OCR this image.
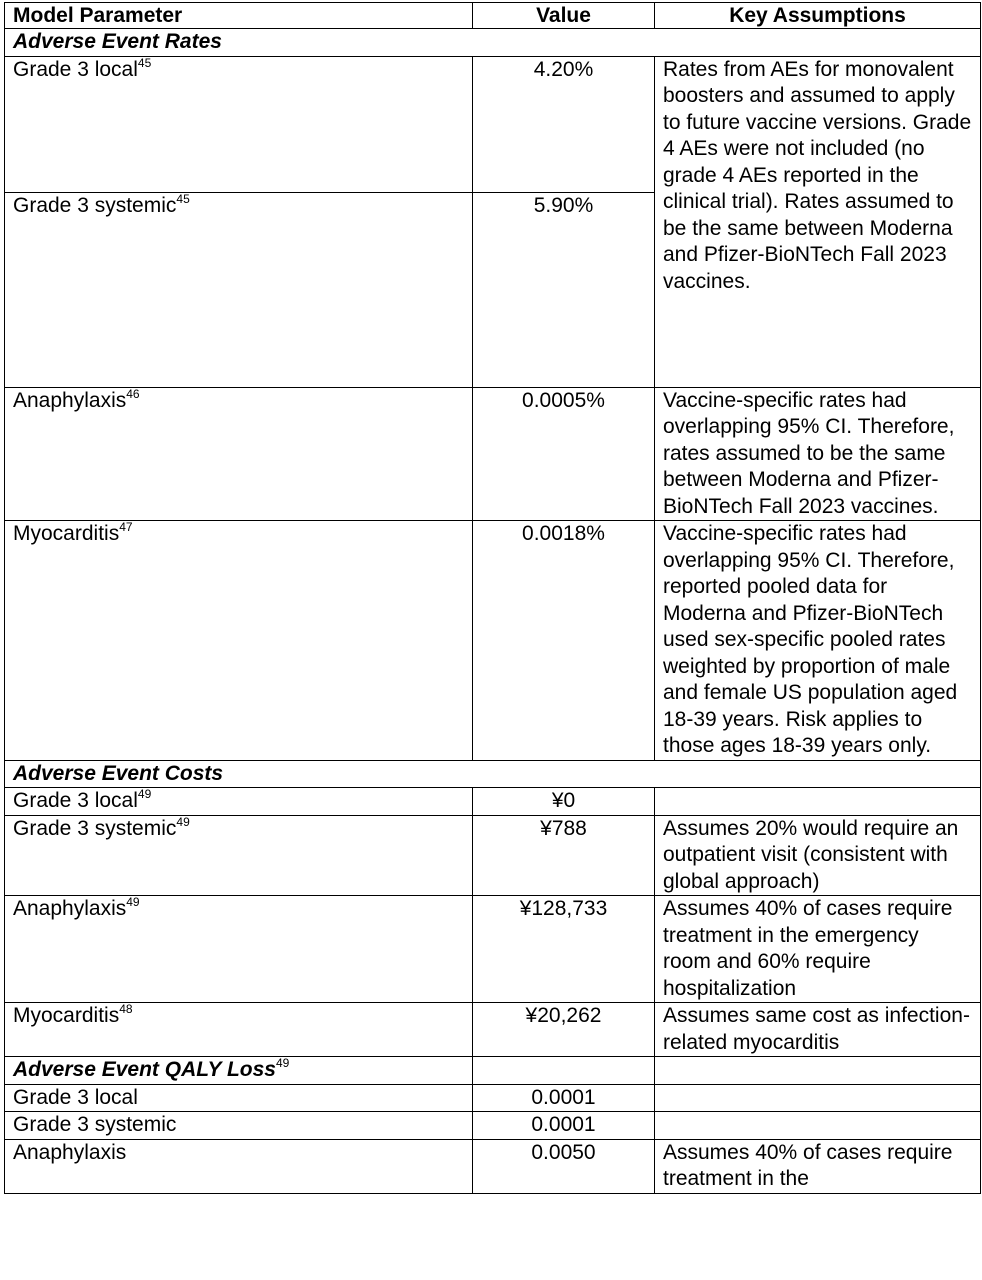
Model Parameter	Value	Key Assumptions
Adverse Event Rates		
Grade 3 local$^{45}$	4.20%	Rates from AEs for monovalent boosters and assumed to apply to future vaccine versions. Grade 4 AEs were not included (no grade 4 AEs reported in the clinical trial). Rates assumed to be the same between Moderna and Pfizer-BioNTech Fall 2023 vaccines.
Grade 3 systemic$^{45}$	5.90%	
Anaphylaxis$^{46}$	0.0005%	Vaccine-specific rates had overlapping 95% CI. Therefore, rates assumed to be the same between Moderna and Pfizer-BioNTech Fall 2023 vaccines.
Myocarditis$^{47}$	0.0018%	Vaccine-specific rates had overlapping 95% CI. Therefore, reported pooled data for Moderna and Pfizer-BioNTech used sex-specific pooled rates weighted by proportion of male and female US population aged 18-39 years. Risk applies to those ages 18-39 years only.
Adverse Event Costs		
Grade 3 local$^{49}$	¥0	
Grade 3 systemic$^{49}$	¥788	Assumes 20% would require an outpatient visit (consistent with global approach)
Anaphylaxis$^{49}$	¥128,733	Assumes 40% of cases require treatment in the emergency room and 60% require hospitalization
Myocarditis$^{48}$	¥20,262	Assumes same cost as infection-related myocarditis
Adverse Event QALY Loss$^{49}$		
Grade 3 local	0.0001	
Grade 3 systemic	0.0001	
Anaphylaxis	0.0050	Assumes 40% of cases require treatment in the
